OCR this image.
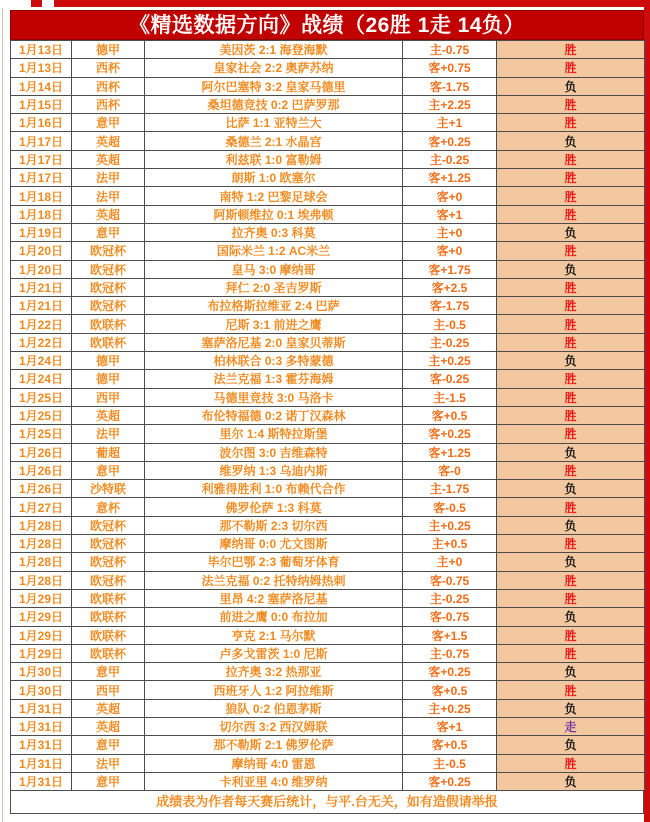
《精选数据方向》战绩（26胜 1走 14负）
1月13日	德甲	美因茨 2:1 海登海默	主-0.75	胜
1月13日	西杯	皇家社会 2:2 奥萨苏纳	客+0.75	胜
1月14日	西杯	阿尔巴塞特 3:2 皇家马德里	客-1.75	负
1月15日	西杯	桑坦德竞技 0:2 巴萨罗那	主+2.25	胜
1月16日	意甲	比萨 1:1 亚特兰大	主+1	胜
1月17日	英超	桑德兰 2:1 水晶宫	客+0.25	负
1月17日	英超	利兹联 1:0 富勒姆	主-0.25	胜
1月17日	法甲	朗斯 1:0 欧塞尔	客+1.25	胜
1月18日	法甲	南特 1:2 巴黎足球会	客+0	胜
1月18日	英超	阿斯顿维拉 0:1 埃弗顿	客+1	胜
1月19日	意甲	拉齐奥 0:3 科莫	主+0	负
1月20日	欧冠杯	国际米兰 1:2 AC米兰	客+0	胜
1月20日	欧冠杯	皇马 3:0 摩纳哥	客+1.75	负
1月21日	欧冠杯	拜仁 2:0 圣吉罗斯	客+2.5	胜
1月21日	欧冠杯	布拉格斯拉维亚 2:4 巴萨	客-1.75	胜
1月22日	欧联杯	尼斯 3:1 前进之鹰	主-0.5	胜
1月22日	欧联杯	塞萨洛尼基 2:0 皇家贝蒂斯	主-0.25	胜
1月24日	德甲	柏林联合 0:3 多特蒙德	主+0.25	负
1月24日	德甲	法兰克福 1:3 霍芬海姆	客-0.25	胜
1月25日	西甲	马德里竞技 3:0 马洛卡	主-1.5	胜
1月25日	英超	布伦特福德 0:2 诺丁汉森林	客+0.5	胜
1月25日	法甲	里尔 1:4 斯特拉斯堡	客+0.25	胜
1月26日	葡超	波尔图 3:0 吉维森特	客+1.25	负
1月26日	意甲	维罗纳 1:3 乌迪内斯	客-0	胜
1月26日	沙特联	利雅得胜利 1:0 布赖代合作	主-1.75	负
1月27日	意杯	佛罗伦萨 1:3 科莫	客-0.5	胜
1月28日	欧冠杯	那不勒斯 2:3 切尔西	主+0.25	负
1月28日	欧冠杯	摩纳哥 0:0 尤文图斯	主+0.5	胜
1月28日	欧冠杯	毕尔巴鄂 2:3 葡萄牙体育	主+0	负
1月28日	欧冠杯	法兰克福 0:2 托特纳姆热刺	客-0.75	胜
1月29日	欧联杯	里昂 4:2 塞萨洛尼基	主-0.25	胜
1月29日	欧联杯	前进之鹰 0:0 布拉加	客-0.75	负
1月29日	欧联杯	亨克 2:1 马尔默	客+1.5	胜
1月29日	欧联杯	卢多戈雷茨 1:0 尼斯	主-0.75	胜
1月30日	意甲	拉齐奥 3:2 热那亚	客+0.25	负
1月30日	西甲	西班牙人 1:2 阿拉维斯	客+0.5	胜
1月31日	英超	狼队 0:2 伯恩茅斯	主+0.25	负
1月31日	英超	切尔西 3:2 西汉姆联	客+1	走
1月31日	意甲	那不勒斯 2:1 佛罗伦萨	客+0.5	负
1月31日	法甲	摩纳哥 4:0 雷恩	主-0.5	胜
1月31日	意甲	卡利亚里 4:0 维罗纳	客+0.25	负
成绩表为作者每天赛后统计，与平.台无关，如有造假请举报
